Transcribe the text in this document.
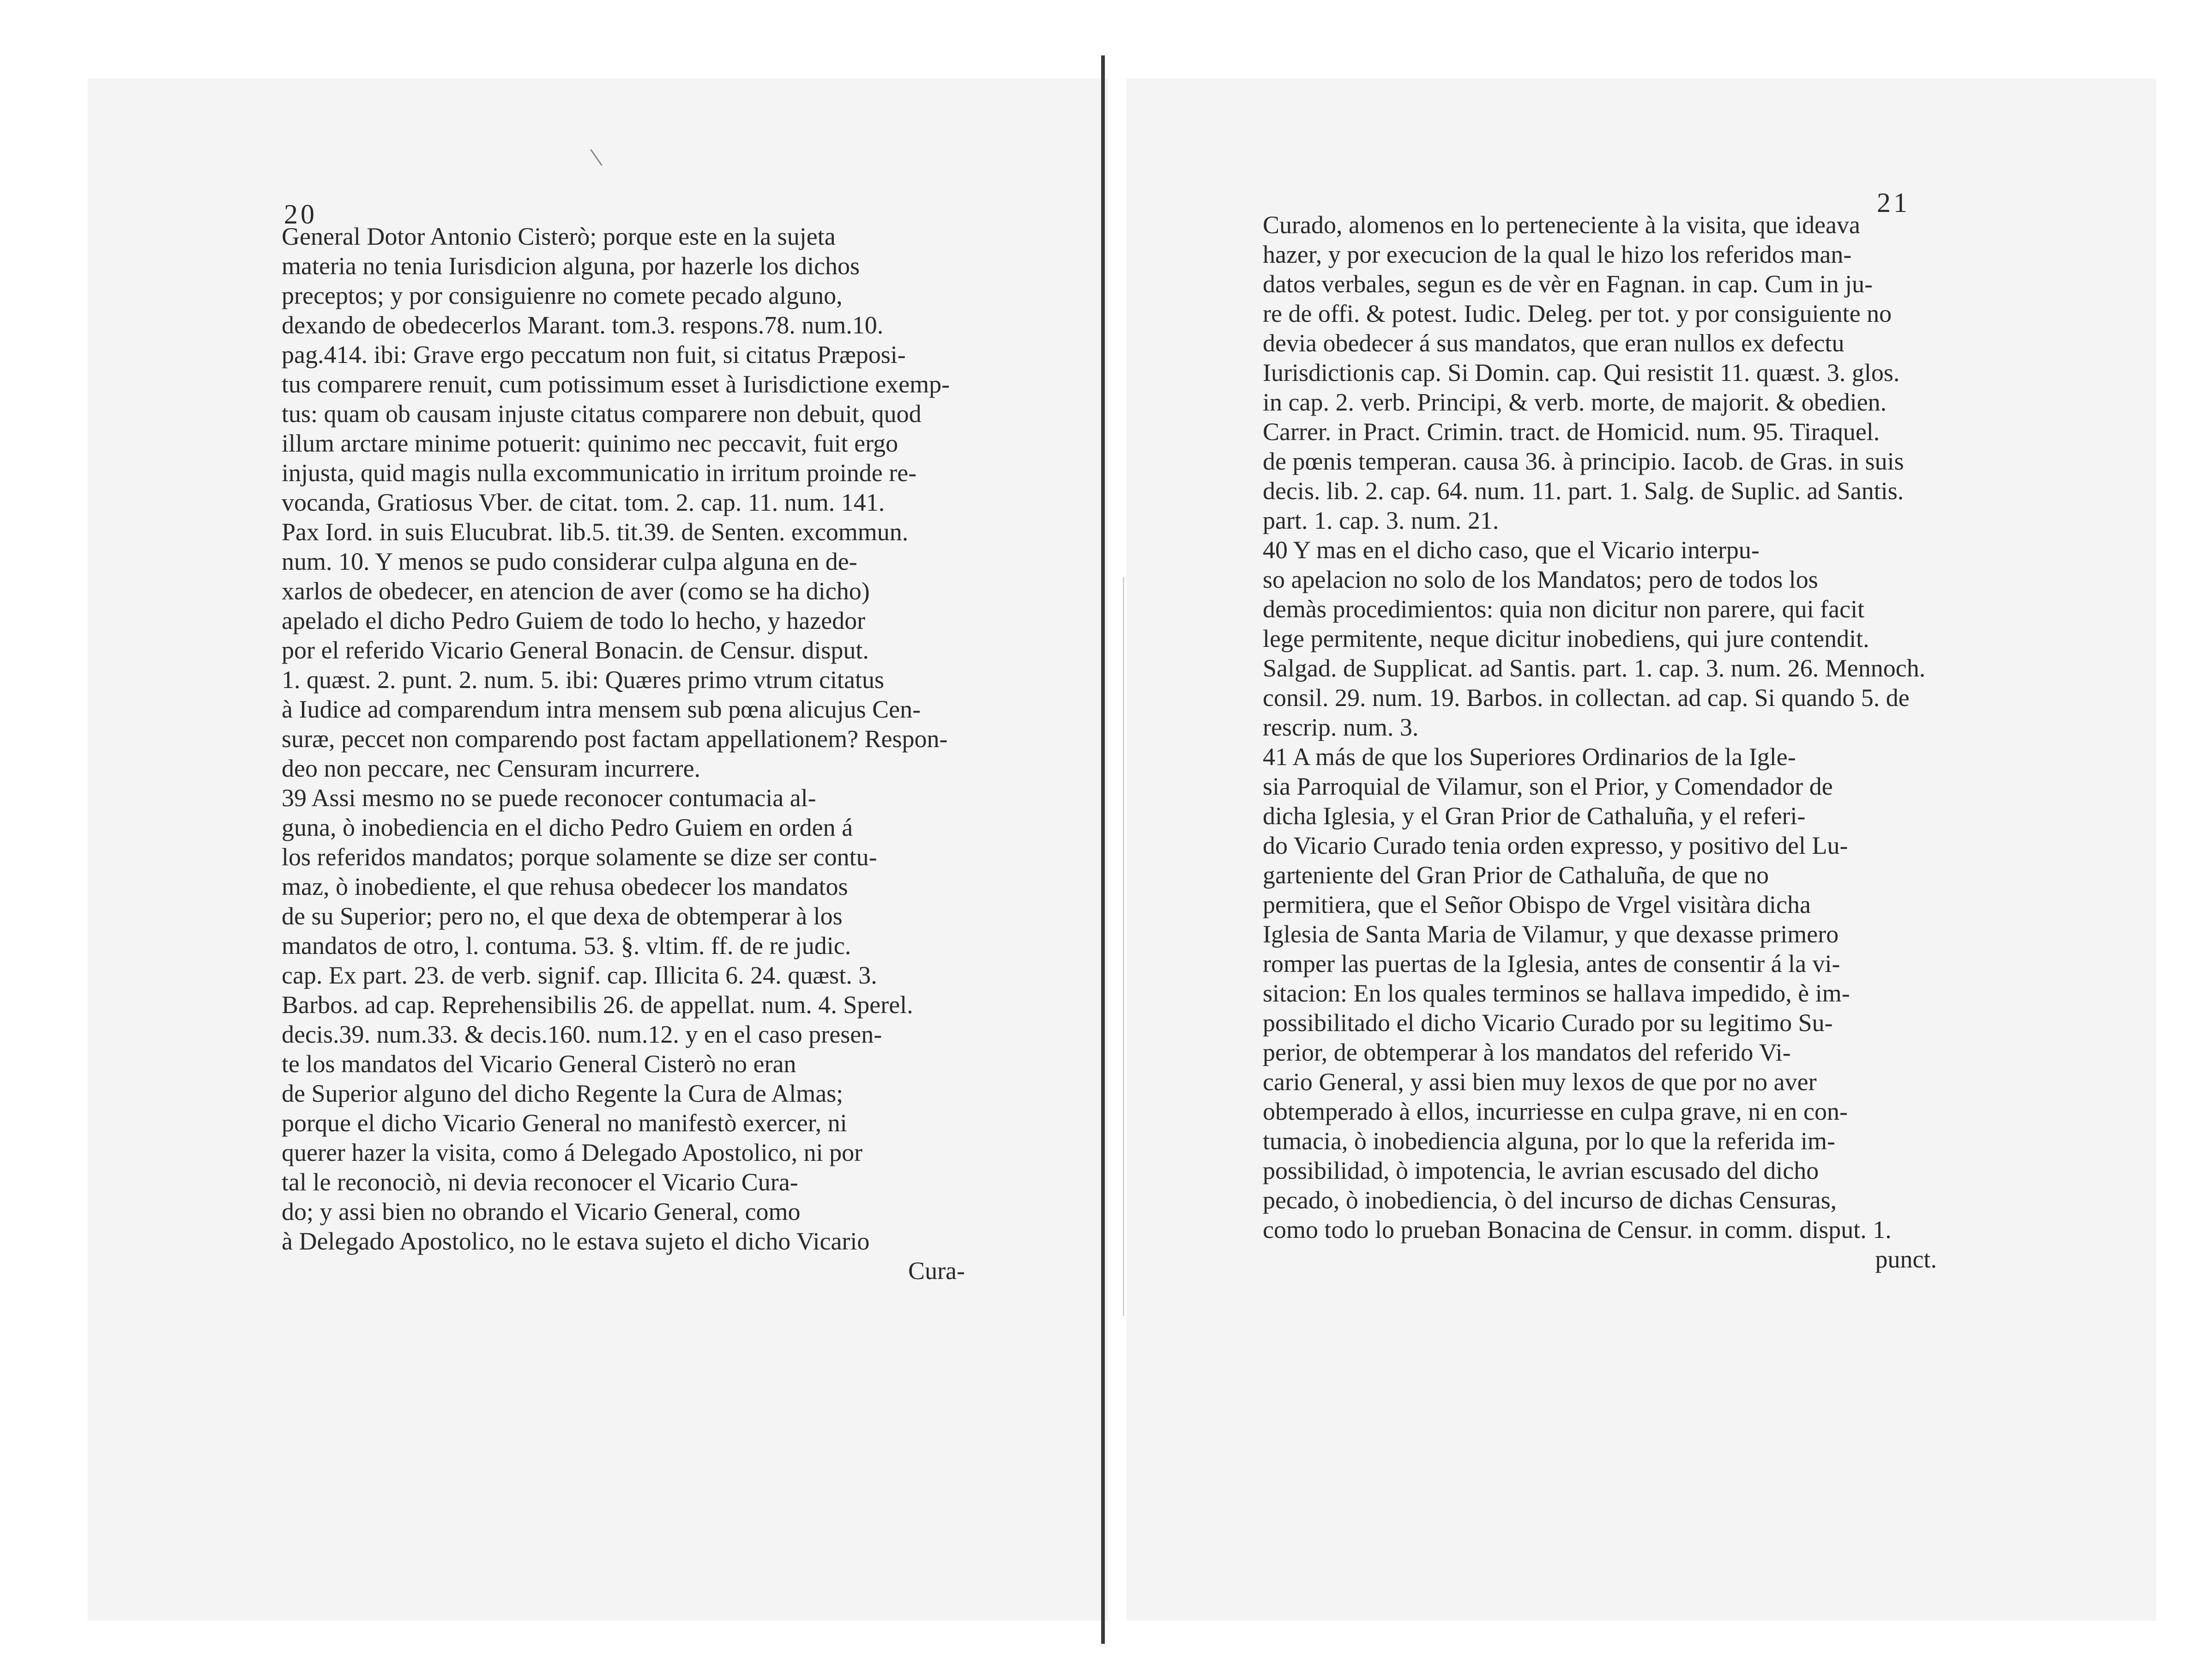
20	21
General Dotor Antonio Cisterò; porque este en la sujeta
materia no tenia Iurisdicion alguna, por hazerle los dichos
preceptos; y por consiguienre no comete pecado alguno,
dexando de obedecerlos Marant. tom.3. respons.78. num.10.
pag.414. ibi: Grave ergo peccatum non fuit, si citatus Præposi-
tus comparere renuit, cum potissimum esset à Iurisdictione exemp-
tus: quam ob causam injuste citatus comparere non debuit, quod
illum arctare minime potuerit: quinimo nec peccavit, fuit ergo
injusta, quid magis nulla excommunicatio in irritum proinde re-
vocanda, Gratiosus Vber. de citat. tom. 2. cap. 11. num. 141.
Pax Iord. in suis Elucubrat. lib.5. tit.39. de Senten. excommun.
num. 10. Y menos se pudo considerar culpa alguna en de-
xarlos de obedecer, en atencion de aver (como se ha dicho)
apelado el dicho Pedro Guiem de todo lo hecho, y hazedor
por el referido Vicario General Bonacin. de Censur. disput.
1. quæst. 2. punt. 2. num. 5. ibi: Quæres primo vtrum citatus
à Iudice ad comparendum intra mensem sub pœna alicujus Cen-
suræ, peccet non comparendo post factam appellationem? Respon-
deo non peccare, nec Censuram incurrere.
39 Assi mesmo no se puede reconocer contumacia al-
guna, ò inobediencia en el dicho Pedro Guiem en orden á
los referidos mandatos; porque solamente se dize ser contu-
maz, ò inobediente, el que rehusa obedecer los mandatos
de su Superior; pero no, el que dexa de obtemperar à los
mandatos de otro, l. contuma. 53. §. vltim. ff. de re judic.
cap. Ex part. 23. de verb. signif. cap. Illicita 6. 24. quæst. 3.
Barbos. ad cap. Reprehensibilis 26. de appellat. num. 4. Sperel.
decis.39. num.33. & decis.160. num.12. y en el caso presen-
te los mandatos del Vicario General Cisterò no eran
de Superior alguno del dicho Regente la Cura de Almas;
porque el dicho Vicario General no manifestò exercer, ni
querer hazer la visita, como á Delegado Apostolico, ni por
tal le reconociò, ni devia reconocer el Vicario Cura-
do; y assi bien no obrando el Vicario General, como
à Delegado Apostolico, no le estava sujeto el dicho Vicario
Cura-
Curado, alomenos en lo perteneciente à la visita, que ideava
hazer, y por execucion de la qual le hizo los referidos man-
datos verbales, segun es de vèr en Fagnan. in cap. Cum in ju-
re de offi. & potest. Iudic. Deleg. per tot. y por consiguiente no
devia obedecer á sus mandatos, que eran nullos ex defectu
Iurisdictionis cap. Si Domin. cap. Qui resistit 11. quæst. 3. glos.
in cap. 2. verb. Principi, & verb. morte, de majorit. & obedien.
Carrer. in Pract. Crimin. tract. de Homicid. num. 95. Tiraquel.
de pœnis temperan. causa 36. à principio. Iacob. de Gras. in suis
decis. lib. 2. cap. 64. num. 11. part. 1. Salg. de Suplic. ad Santis.
part. 1. cap. 3. num. 21.
40 Y mas en el dicho caso, que el Vicario interpu-
so apelacion no solo de los Mandatos; pero de todos los
demàs procedimientos: quia non dicitur non parere, qui facit
lege permitente, neque dicitur inobediens, qui jure contendit.
Salgad. de Supplicat. ad Santis. part. 1. cap. 3. num. 26. Mennoch.
consil. 29. num. 19. Barbos. in collectan. ad cap. Si quando 5. de
rescrip. num. 3.
41 A más de que los Superiores Ordinarios de la Igle-
sia Parroquial de Vilamur, son el Prior, y Comendador de
dicha Iglesia, y el Gran Prior de Cathaluña, y el referi-
do Vicario Curado tenia orden expresso, y positivo del Lu-
garteniente del Gran Prior de Cathaluña, de que no
permitiera, que el Señor Obispo de Vrgel visitàra dicha
Iglesia de Santa Maria de Vilamur, y que dexasse primero
romper las puertas de la Iglesia, antes de consentir á la vi-
sitacion: En los quales terminos se hallava impedido, è im-
possibilitado el dicho Vicario Curado por su legitimo Su-
perior, de obtemperar à los mandatos del referido Vi-
cario General, y assi bien muy lexos de que por no aver
obtemperado à ellos, incurriesse en culpa grave, ni en con-
tumacia, ò inobediencia alguna, por lo que la referida im-
possibilidad, ò impotencia, le avrian escusado del dicho
pecado, ò inobediencia, ò del incurso de dichas Censuras,
como todo lo prueban Bonacina de Censur. in comm. disput. 1.
punct.
